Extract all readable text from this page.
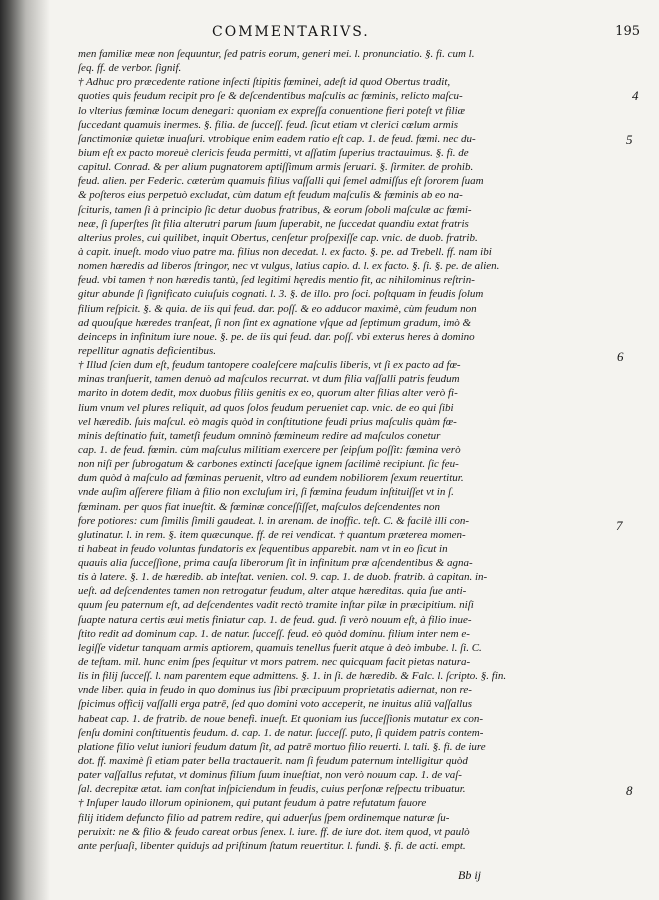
COMMENTARIVS.	195
4
5
6
7
8
men familiæ meæ non ſequuntur, ſed patris eorum, generi mei. l. pronunciatio. §. fi. cum l.
ſeq. ff. de verbor. ſignif.
† Adhuc pro præcedente ratione inſecti ſtipitis fœminei, adeſt id quod Obertus tradit,
quoties quis feudum recipit pro ſe & deſcendentibus maſculis ac fœminis, relicto maſcu-
lo vlterius fœminæ locum denegari: quoniam ex expreſſa conuentione fieri poteſt vt filiæ
ſuccedant quamuis inermes. §. filia. de ſucceſſ. feud. ſicut etiam vt clerici cœlum armis
ſanctimoniæ quietæ inuaſuri. vtrobique enim eadem ratio eſt cap. 1. de feud. fœmi. nec du-
bium eſt ex pacto moreuè clericis feuda permitti, vt aſſatim ſuperius tractauimus. §. fi. de
capitul. Conrad. & per alium pugnatorem aptiſſimum armis ſeruari. §. ſirmiter. de prohib.
feud. alien. per Federic. cæterùm quamuis filius vaſſalli qui ſemel admiſſus eſt ſororem ſuam
& poſteros eius perpetuò excludat, cùm datum eſt feudum maſculis & fœminis ab eo na-
ſcituris, tamen ſi à principio ſic detur duobus fratribus, & eorum ſoboli maſculæ ac fœmi-
neæ, ſi ſuperſtes ſit filia alterutri parum ſuum ſuperabit, ne ſuccedat quandiu extat fratris
alterius proles, cui quilibet, inquit Obertus, cenſetur proſpexiſſe cap. vnic. de duob. fratrib.
à capit. inueſt. modo viuo patre ma. filius non decedat. l. ex facto. §. pe. ad Trebell. ff. nam ibi
nomen hæredis ad liberos ſtringor, nec vt vulgus, latius capio. d. l. ex facto. §. ſi. §. pe. de alien.
feud. vbi tamen † non hæredis tantù, ſed legitimi hęredis mentio fit, ac nihilominus reſtrin-
gitur abunde ſi ſignificato cuiuſuis cognati. l. 3. §. de illo. pro ſoci. poſtquam in feudis ſolum
filium reſpicit. §. & quia. de iis qui feud. dar. poſſ. & eo adducor maximè, cùm feudum non
ad quouſque hæredes tranſeat, ſi non ſint ex agnatione vſque ad ſeptimum gradum, imò &
deinceps in infinitum iure noue. §. pe. de iis qui feud. dar. poſſ. vbi exterus heres à domino
repellitur agnatis deficientibus.
† Illud ſcien dum eſt, feudum tantopere coaleſcere maſculis liberis, vt ſi ex pacto ad fœ-
minas tranſuerit, tamen denuò ad maſculos recurrat. vt dum filia vaſſalli patris feudum
marito in dotem dedit, mox duobus filiis genitis ex eo, quorum alter filias alter verò fi-
lium vnum vel plures reliquit, ad quos ſolos feudum perueniet cap. vnic. de eo qui ſibi
vel hæredib. ſuis maſcul. eò magis quòd in conſtitutione feudi prius maſculis quàm fœ-
minis deſtinatio fuit, tametſi feudum omninò fœmineum redire ad maſculos conetur
cap. 1. de feud. fœmin. cùm maſculus militiam exercere per ſeipſum poſſit: fœmina verò
non niſi per ſubrogatum & carbones extincti ſaceſque ignem ſacilimè recipiunt. ſic feu-
dum quòd à maſculo ad fœminas peruenit, vltro ad eundem nobiliorem ſexum reuertitur.
vnde auſim aſſerere filiam à filio non excluſum iri, ſi fœmina feudum inſtituiſſet vt in ſ.
fœminam. per quos fiat inueſtit. & fœminæ conceſſiſſet, maſculos deſcendentes non
fore potiores: cum ſimilis ſimili gaudeat. l. in arenam. de inoffic. teſt. C. & facilè illi con-
glutinatur. l. in rem. §. item quæcunque. ff. de rei vendicat. † quantum præterea momen-
ti habeat in feudo voluntas fundatoris ex ſequentibus apparebit. nam vt in eo ſicut in
quauis alia ſucceſſione, prima cauſa liberorum ſit in infinitum præ aſcendentibus & agna-
tis à latere. §. 1. de hæredib. ab inteſtat. venien. col. 9. cap. 1. de duob. fratrib. à capitan. in-
ueſt. ad deſcendentes tamen non retrogatur feudum, alter atque hæreditas. quia ſue anti-
quum ſeu paternum eſt, ad deſcendentes vadit rectò tramite inſtar pilæ in præcipitium. niſi
ſuapte natura certis æui metis finiatur cap. 1. de feud. gud. ſi verò nouum eſt, à filio inue-
ſtito redit ad dominum cap. 1. de natur. ſucceſſ. feud. eò quòd domínu. filium inter nem e-
legiſſe videtur tanquam armis aptiorem, quamuis tenellus fuerit atque à deò imbube. l. ſi. C.
de teſtam. mil. hunc enim ſpes ſequitur vt mors patrem. nec quicquam facit pietas natura-
lis in filij ſucceſſ. l. nam parentem eque admittens. §. 1. in ſi. de hæredib. & Falc. l. ſcripto. §. fin.
vnde liber. quia in feudo in quo dominus ius ſibi præcipuum proprietatis adiernat, non re-
ſpicimus officij vaſſalli erga patrē, ſed quo domini voto acceperit, ne inuitus aliū vaſſallus
habeat cap. 1. de fratrib. de noue benefi. inueſt. Et quoniam ius ſucceſſionis mutatur ex con-
ſenſu domini conſtituentis feudum. d. cap. 1. de natur. ſucceſſ. puto, ſi quidem patris contem-
platione filio velut iuniori feudum datum ſit, ad patrē mortuo filio reuerti. l. tali. §. fi. de iure
dot. ff. maximè ſi etiam pater bella tractauerit. nam ſi feudum paternum intelligitur quòd
pater vaſſallus refutat, vt dominus filium ſuum inueſtiat, non verò nouum cap. 1. de vaſ-
ſal. decrepitæ ætat. iam conſtat inſpiciendum in feudis, cuius perſonæ reſpectu tribuatur.
† Inſuper laudo illorum opinionem, qui putant feudum à patre refutatum fauore
filij itidem defuncto filio ad patrem redire, qui aduerſus ſpem ordinemque naturæ ſu-
peruixit: ne & filio & feudo careat orbus ſenex. l. iure. ff. de iure dot. item quod, vt paulò
ante perſuaſi, libenter quidujs ad priſtinum ſtatum reuertitur. l. fundi. §. fi. de acti. empt.
Bb ij
